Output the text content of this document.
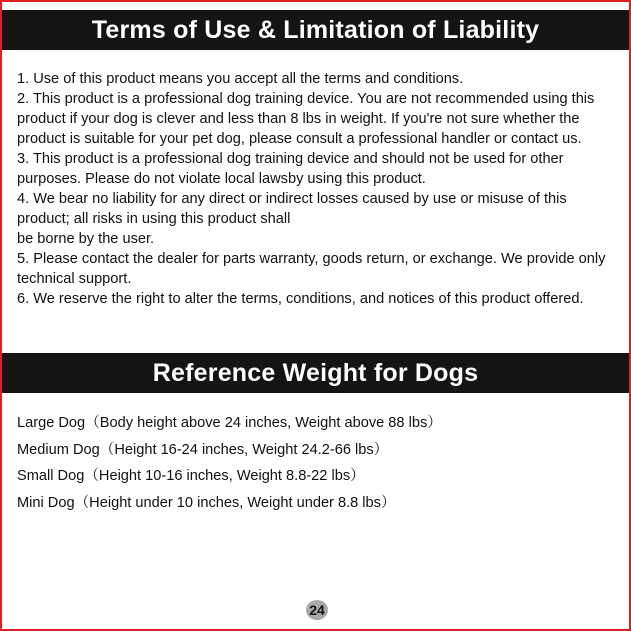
Terms of Use & Limitation of Liability

1. Use of this product means you accept all the terms and conditions.

2. This product is a professional dog training device. You are not recommended using this product if your dog is clever and less than 8 lbs in weight. If you're not sure whether the product is suitable for your pet dog, please consult a professional handler or contact us.

3. This product is a professional dog training device and should not be used for other purposes. Please do not violate local lawsby using this product.

4. We bear no liability for any direct or indirect losses caused by use or misuse of this product; all risks in using this product shall

be borne by the user.

5. Please contact the dealer for parts warranty, goods return, or exchange. We provide only technical support.

6. We reserve the right to alter the terms, conditions, and notices of this product offered.

Reference Weight for Dogs

Large Dog（Body height above 24 inches, Weight above 88 lbs）

Medium Dog（Height 16-24 inches, Weight 24.2-66 lbs）

Small Dog（Height 10-16 inches, Weight 8.8-22 lbs）

Mini Dog（Height under 10 inches, Weight under 8.8 lbs）

24
